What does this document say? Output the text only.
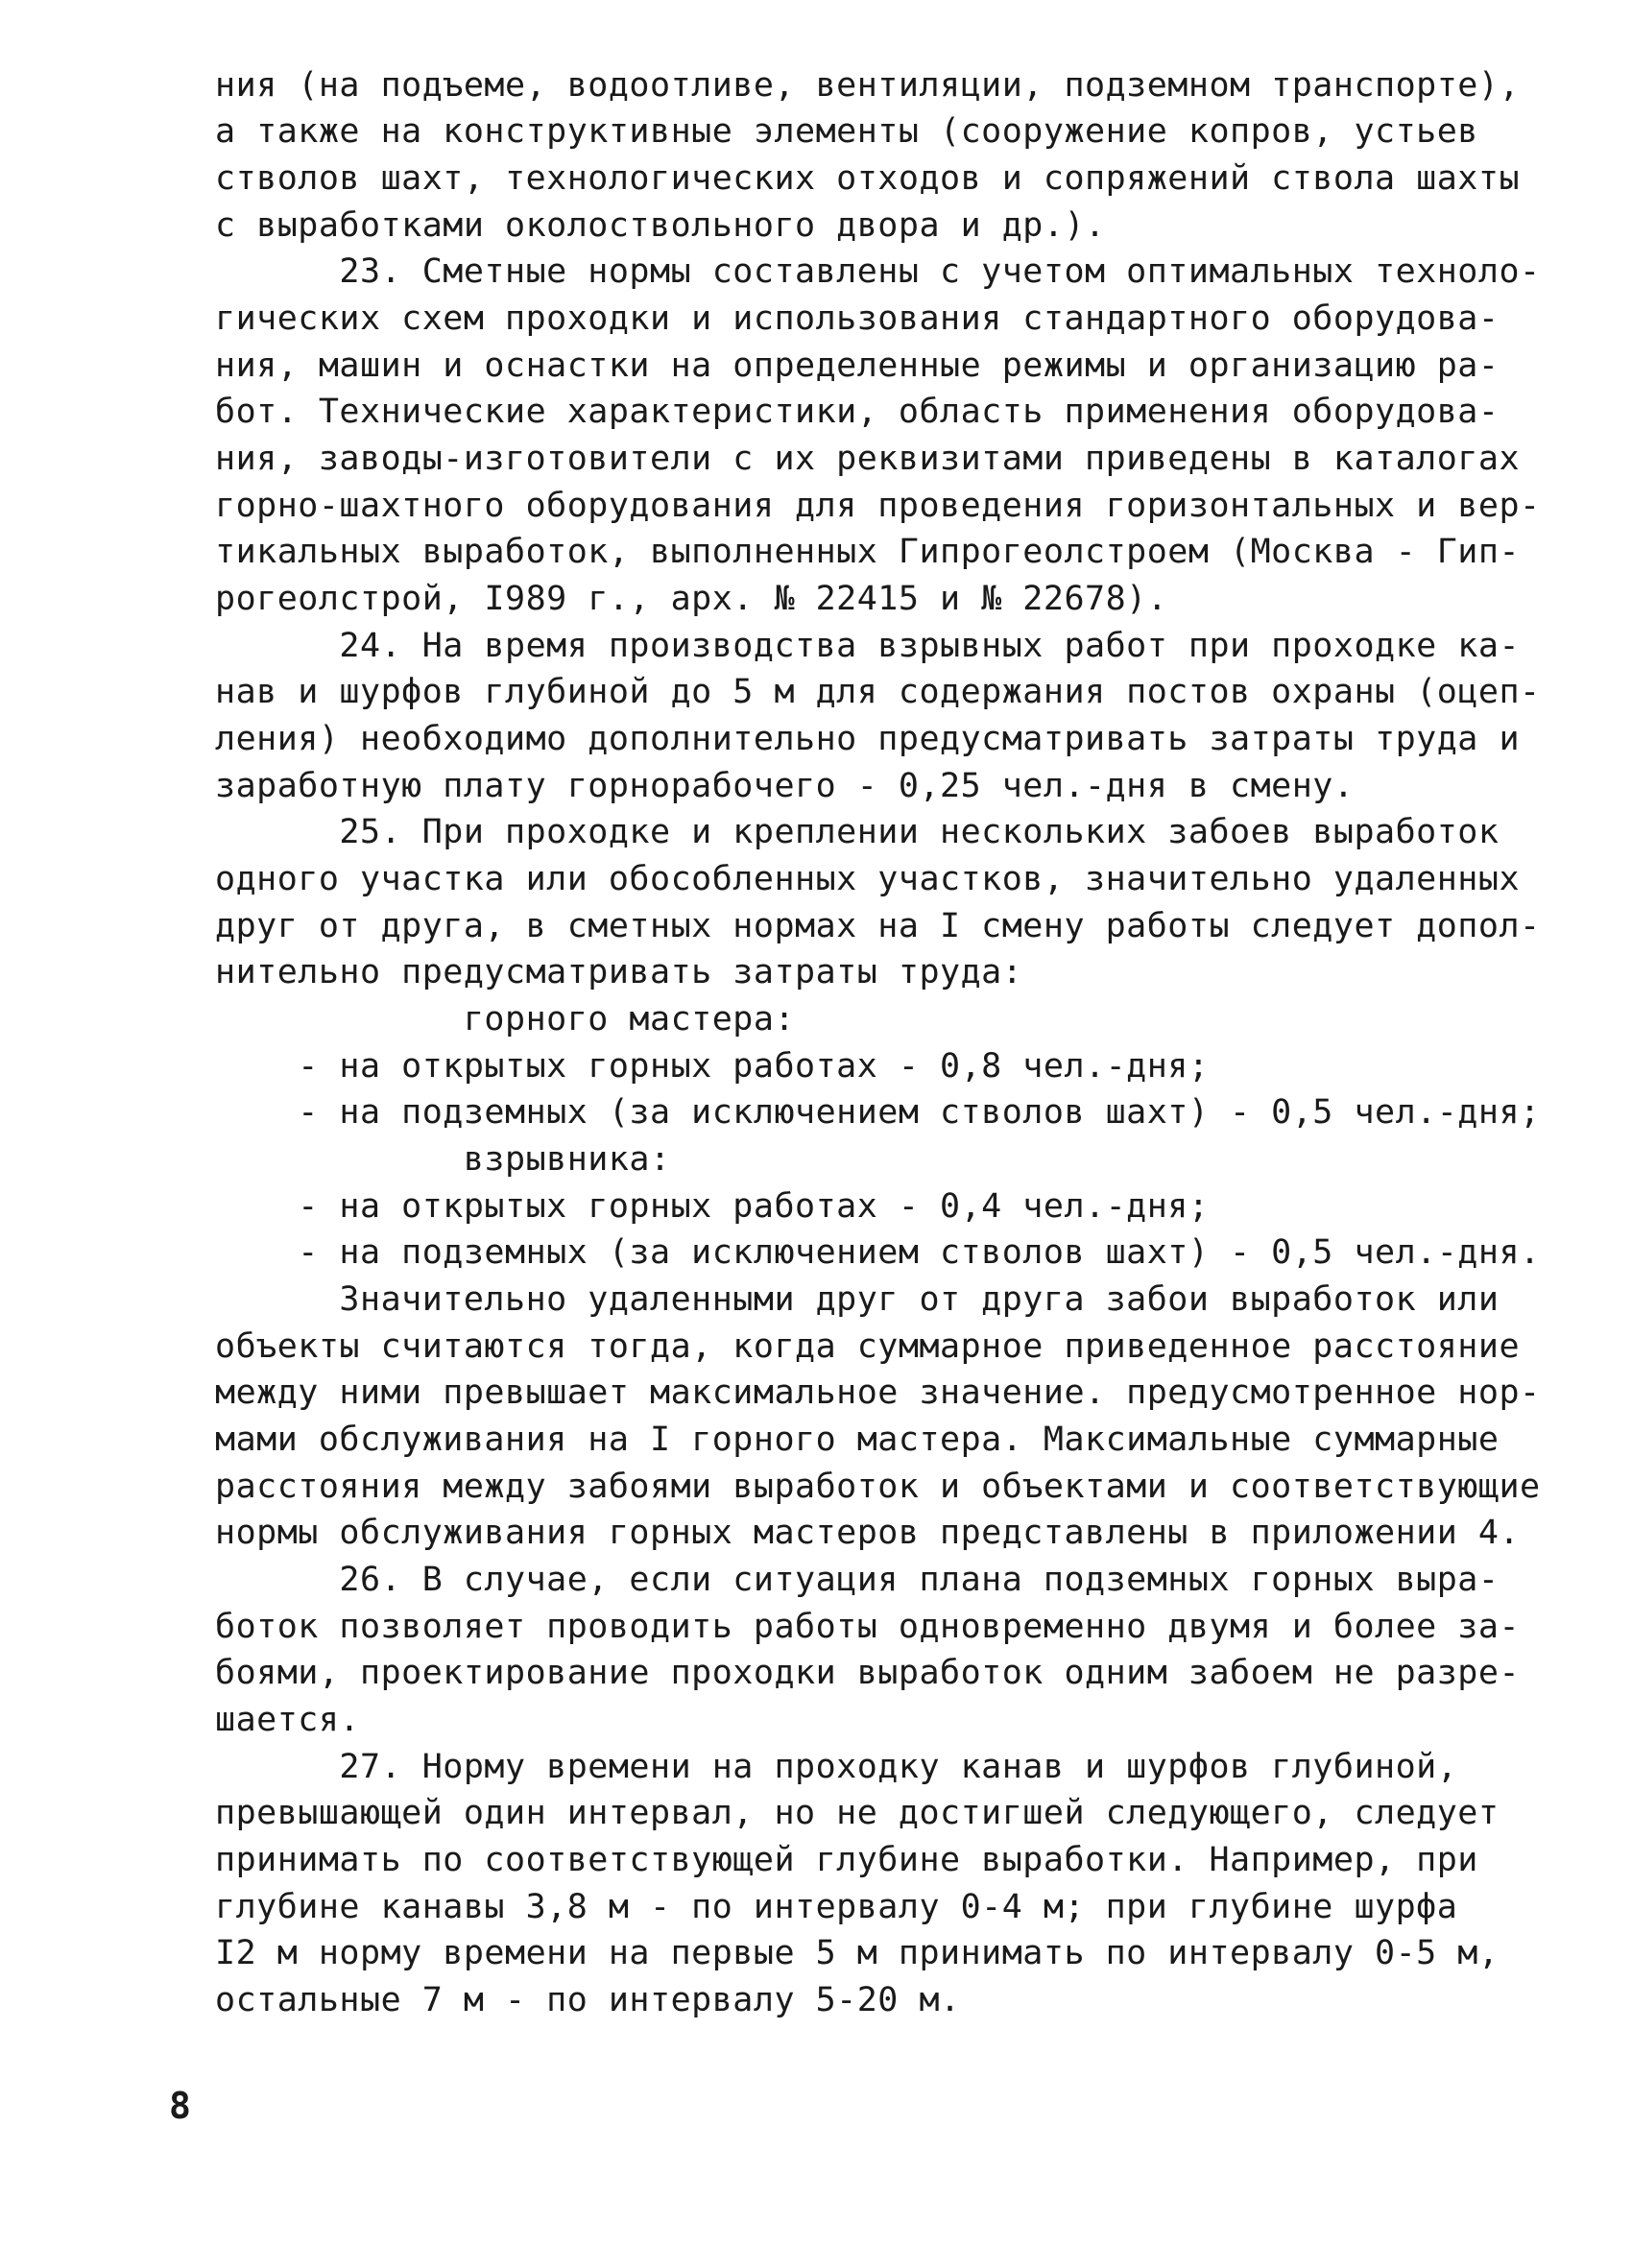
ния (на подъеме, водоотливе, вентиляции, подземном транспорте),
а также на конструктивные элементы (сооружение копров, устьев
стволов шахт, технологических отходов и сопряжений ствола шахты
с выработками околоствольного двора и др.).
23. Сметные нормы составлены с учетом оптимальных техноло-
гических схем проходки и использования стандартного оборудова-
ния, машин и оснастки на определенные режимы и организацию ра-
бот. Технические характеристики, область применения оборудова-
ния, заводы-изготовители с их реквизитами приведены в каталогах
горно-шахтного оборудования для проведения горизонтальных и вер-
тикальных выработок, выполненных Гипрогеолстроем (Москва - Гип-
рогеолстрой, I989 г., арх. № 22415 и № 22678).
24. На время производства взрывных работ при проходке ка-
нав и шурфов глубиной до 5 м для содержания постов охраны (оцеп-
ления) необходимо дополнительно предусматривать затраты труда и
заработную плату горнорабочего - 0,25 чел.-дня в смену.
25. При проходке и креплении нескольких забоев выработок
одного участка или обособленных участков, значительно удаленных
друг от друга, в сметных нормах на I смену работы следует допол-
нительно предусматривать затраты труда:
горного мастера:
- на открытых горных работах - 0,8 чел.-дня;
- на подземных (за исключением стволов шахт) - 0,5 чел.-дня;
взрывника:
- на открытых горных работах - 0,4 чел.-дня;
- на подземных (за исключением стволов шахт) - 0,5 чел.-дня.
Значительно удаленными друг от друга забои выработок или
объекты считаются тогда, когда суммарное приведенное расстояние
между ними превышает максимальное значение. предусмотренное нор-
мами обслуживания на I горного мастера. Максимальные суммарные
расстояния между забоями выработок и объектами и соответствующие
нормы обслуживания горных мастеров представлены в приложении 4.
26. В случае, если ситуация плана подземных горных выра-
боток позволяет проводить работы одновременно двумя и более за-
боями, проектирование проходки выработок одним забоем не разре-
шается.
27. Норму времени на проходку канав и шурфов глубиной,
превышающей один интервал, но не достигшей следующего, следует
принимать по соответствующей глубине выработки. Например, при
глубине канавы 3,8 м - по интервалу 0-4 м; при глубине шурфа
I2 м норму времени на первые 5 м принимать по интервалу 0-5 м,
остальные 7 м - по интервалу 5-20 м.
8
